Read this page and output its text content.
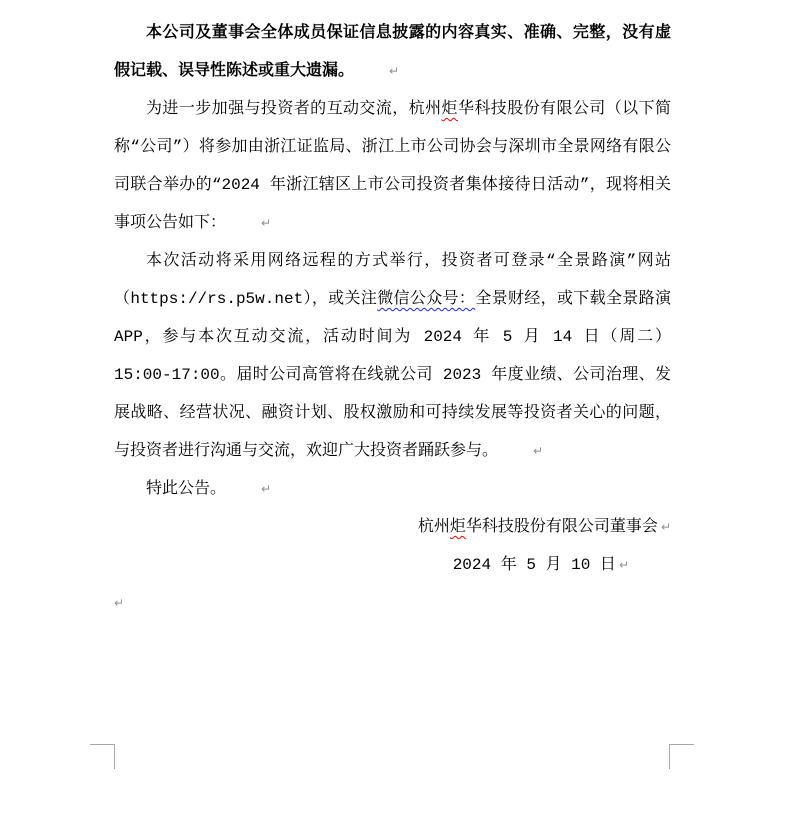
本公司及董事会全体成员保证信息披露的内容真实、准确、完整，没有虚假记载、误导性陈述或重大遗漏。	↵

为进一步加强与投资者的互动交流，杭州炬华科技股份有限公司（以下简称“公司”）将参加由浙江证监局、浙江上市公司协会与深圳市全景网络有限公司联合举办的“2024 年浙江辖区上市公司投资者集体接待日活动”，现将相关事项公告如下：	↵

本次活动将采用网络远程的方式举行，投资者可登录“全景路演”网站（https://rs.p5w.net），或关注微信公众号：全景财经，或下载全景路演 APP，参与本次互动交流，活动时间为 2024 年 5 月 14 日（周二）15:00-17:00。届时公司高管将在线就公司 2023 年度业绩、公司治理、发展战略、经营状况、融资计划、股权激励和可持续发展等投资者关心的问题，与投资者进行沟通与交流，欢迎广大投资者踊跃参与。	↵

特此公告。	↵

杭州炬华科技股份有限公司董事会 ↵

2024 年 5 月 10 日 ↵

↵
